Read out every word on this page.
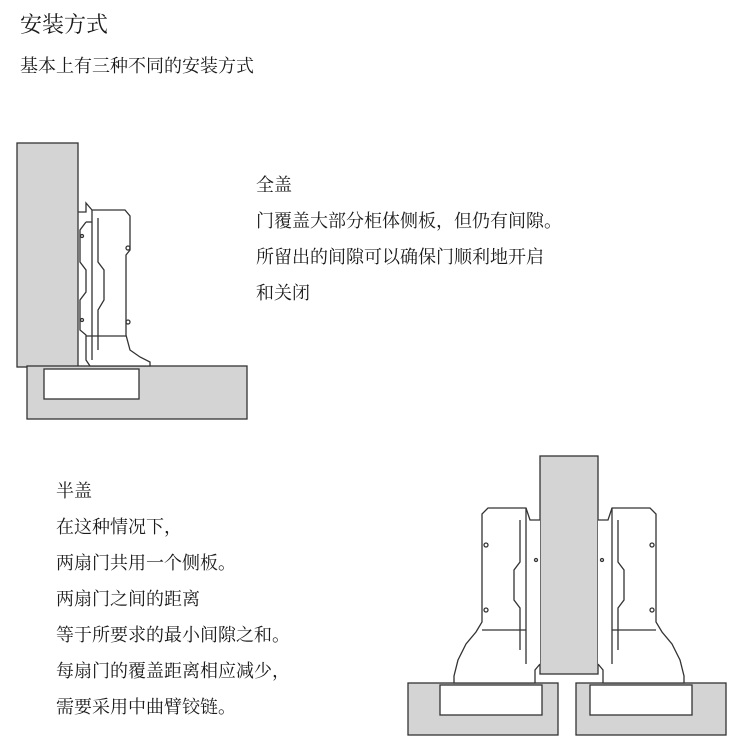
安装方式
基本上有三种不同的安装方式
全盖
门覆盖大部分柜体侧板，但仍有间隙。
所留出的间隙可以确保门顺利地开启
和关闭
半盖
在这种情况下，
两扇门共用一个侧板。
两扇门之间的距离
等于所要求的最小间隙之和。
每扇门的覆盖距离相应减少，
需要采用中曲臂铰链。
